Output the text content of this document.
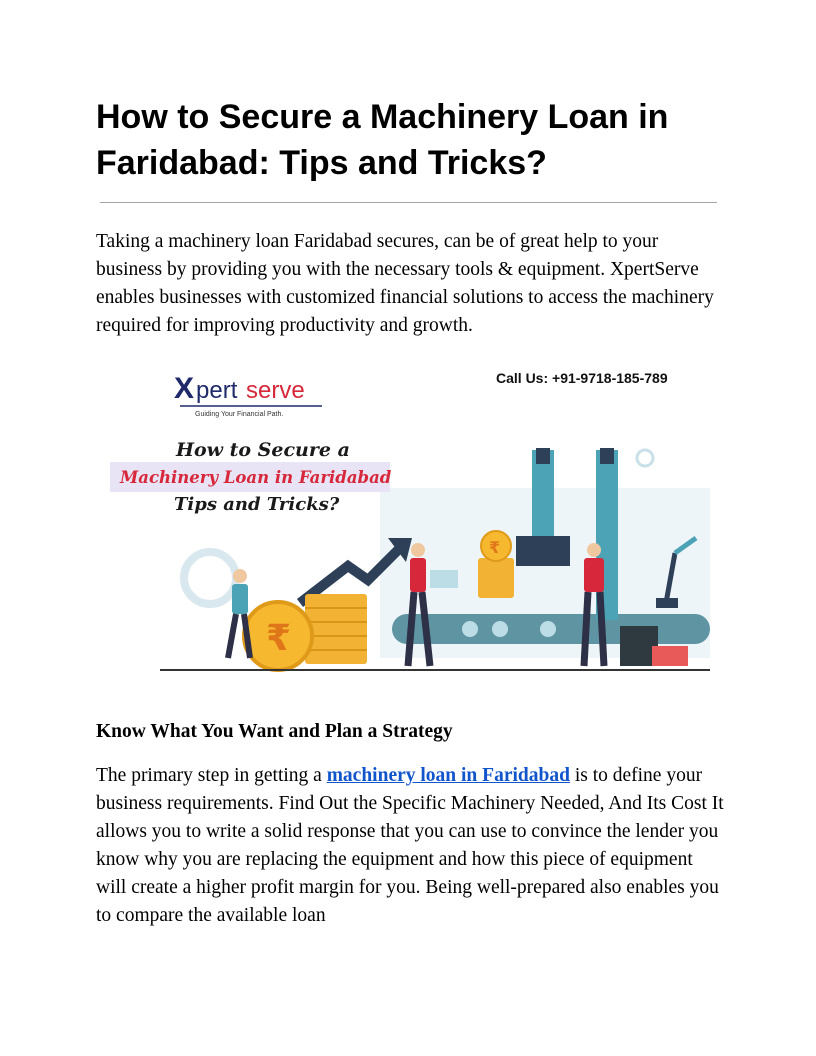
How to Secure a Machinery Loan in Faridabad: Tips and Tricks?

Taking a machinery loan Faridabad secures, can be of great help to your business by providing you with the necessary tools & equipment. XpertServe enables businesses with customized financial solutions to access the machinery required for improving productivity and growth.

X pert serve
Guiding Your Financial Path.
Call Us: +91-9718-185-789
How to Secure a
Machinery Loan in Faridabad
Tips and Tricks?
₹
₹
Know What You Want and Plan a Strategy

The primary step in getting a machinery loan in Faridabad is to define your business requirements. Find Out the Specific Machinery Needed, And Its Cost It allows you to write a solid response that you can use to convince the lender you know why you are replacing the equipment and how this piece of equipment will create a higher profit margin for you. Being well-prepared also enables you to compare the available loan
